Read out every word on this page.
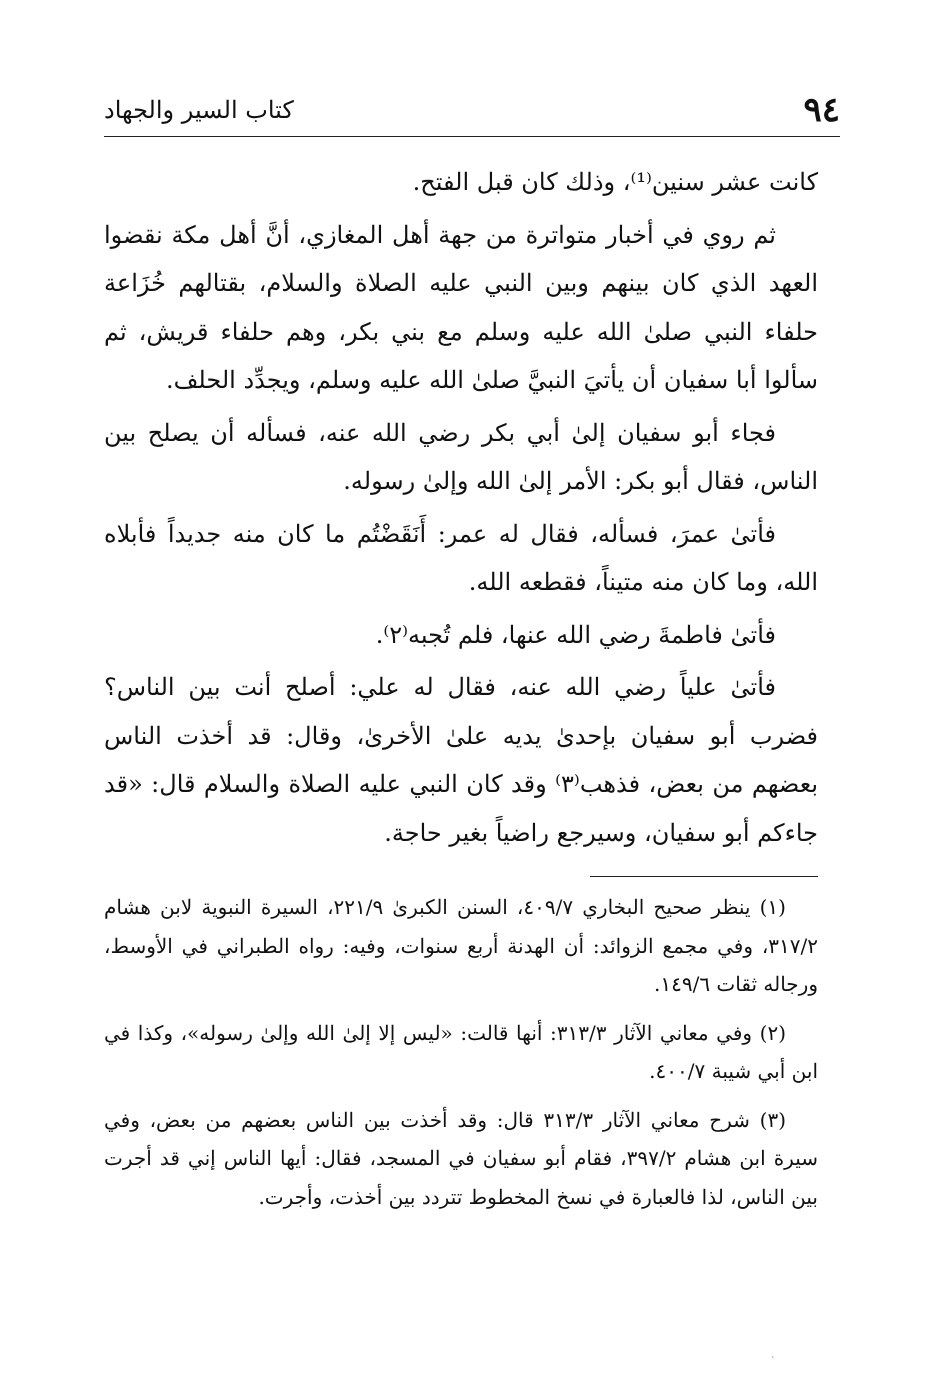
٩٤
كتاب السير والجهاد

كانت عشر سنين⁽¹⁾، وذلك كان قبل الفتح.

ثم روي في أخبار متواترة من جهة أهل المغازي، أنَّ أهل مكة نقضوا العهد الذي كان بينهم وبين النبي عليه الصلاة والسلام، بقتالهم خُزَاعة حلفاء النبي صلىٰ الله عليه وسلم مع بني بكر، وهم حلفاء قريش، ثم سألوا أبا سفيان أن يأتيَ النبيَّ صلىٰ الله عليه وسلم، ويجدِّد الحلف.

فجاء أبو سفيان إلىٰ أبي بكر رضي الله عنه، فسأله أن يصلح بين الناس، فقال أبو بكر: الأمر إلىٰ الله وإلىٰ رسوله.

فأتىٰ عمرَ، فسأله، فقال له عمر: أَنَقَضْتُم ما كان منه جديداً فأبلاه الله، وما كان منه متيناً، فقطعه الله.

فأتىٰ فاطمةَ رضي الله عنها، فلم تُجبه⁽٢⁾.

فأتىٰ علياً رضي الله عنه، فقال له علي: أصلح أنت بين الناس؟ فضرب أبو سفيان بإحدىٰ يديه علىٰ الأخرىٰ، وقال: قد أخذت الناس بعضهم من بعض، فذهب⁽٣⁾ وقد كان النبي عليه الصلاة والسلام قال: «قد جاءكم أبو سفيان، وسيرجع راضياً بغير حاجة.

(١) ينظر صحيح البخاري ٤٠٩/٧، السنن الكبرىٰ ٢٢١/٩، السيرة النبوية لابن هشام ٣١٧/٢، وفي مجمع الزوائد: أن الهدنة أربع سنوات، وفيه: رواه الطبراني في الأوسط، ورجاله ثقات ١٤٩/٦.

(٢) وفي معاني الآثار ٣١٣/٣: أنها قالت: «ليس إلا إلىٰ الله وإلىٰ رسوله»، وكذا في ابن أبي شيبة ٤٠٠/٧.

(٣) شرح معاني الآثار ٣١٣/٣ قال: وقد أخذت بين الناس بعضهم من بعض، وفي سيرة ابن هشام ٣٩٧/٢، فقام أبو سفيان في المسجد، فقال: أيها الناس إني قد أجرت بين الناس، لذا فالعبارة في نسخ المخطوط تتردد بين أخذت، وأجرت.

٠
